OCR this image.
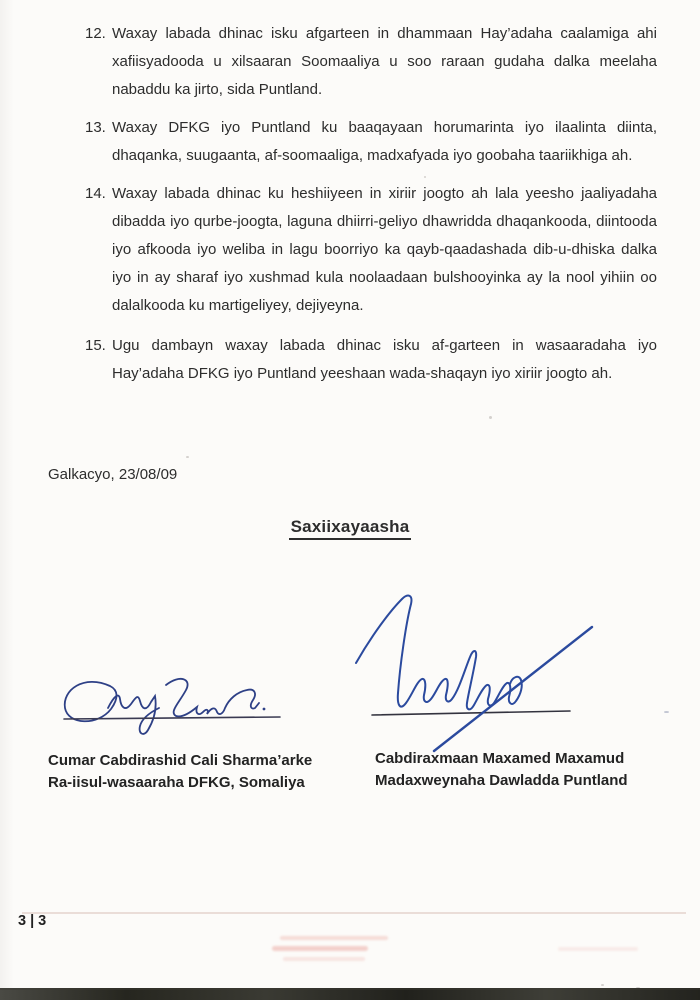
12. Waxay labada dhinac isku afgarteen in dhammaan Hay’adaha caalamiga ahi xafiisyadooda u xilsaaran Soomaaliya u soo raraan gudaha dalka meelaha nabaddu ka jirto, sida Puntland.
13. Waxay DFKG iyo Puntland ku baaqayaan horumarinta iyo ilaalinta diinta, dhaqanka, suugaanta, af-soomaaliga, madxafyada iyo goobaha taariikhiga ah.
14. Waxay labada dhinac ku heshiiyeen in xiriir joogto ah lala yeesho jaaliyadaha dibadda iyo qurbe-joogta, laguna dhiirri-geliyo dhawridda dhaqankooda, diintooda iyo afkooda iyo weliba in lagu boorriyo ka qayb-qaadashada dib-u-dhiska dalka iyo in ay sharaf iyo xushmad kula noolaadaan bulshooyinka ay la nool yihiin oo dalalkooda ku martigeliyey, dejiyeyna.
15. Ugu dambayn waxay labada dhinac isku af-garteen in wasaaradaha iyo Hay’adaha DFKG iyo Puntland yeeshaan wada-shaqayn iyo xiriir joogto ah.
Galkacyo, 23/08/09
Saxiixayaasha
Cumar Cabdirashid Cali Sharma’arke
Ra-iisul-wasaaraha DFKG, Somaliya
Cabdiraxmaan Maxamed Maxamud
Madaxweynaha Dawladda Puntland
3 | 3
